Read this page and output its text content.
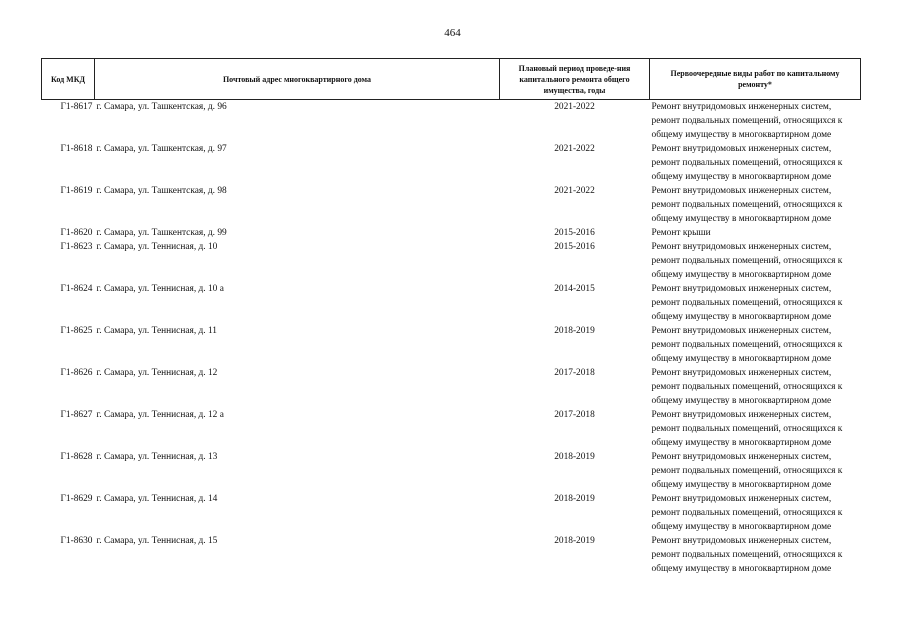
464
Код МКД	Почтовый адрес многоквартирного дома	Плановый период проведе-ния капитального ремонта общего имущества, годы	Первоочередные виды работ по капитальному ремонту*
Г1-8617	г. Самара, ул. Ташкентская, д. 96	2021-2022	Ремонт внутридомовых инженерных систем, ремонт подвальных помещений, относящихся к общему имуществу в многоквартирном доме
Г1-8618	г. Самара, ул. Ташкентская, д. 97	2021-2022	Ремонт внутридомовых инженерных систем, ремонт подвальных помещений, относящихся к общему имуществу в многоквартирном доме
Г1-8619	г. Самара, ул. Ташкентская, д. 98	2021-2022	Ремонт внутридомовых инженерных систем, ремонт подвальных помещений, относящихся к общему имуществу в многоквартирном доме
Г1-8620	г. Самара, ул. Ташкентская, д. 99	2015-2016	Ремонт крыши
Г1-8623	г. Самара, ул. Теннисная, д. 10	2015-2016	Ремонт внутридомовых инженерных систем, ремонт подвальных помещений, относящихся к общему имуществу в многоквартирном доме
Г1-8624	г. Самара, ул. Теннисная, д. 10 а	2014-2015	Ремонт внутридомовых инженерных систем, ремонт подвальных помещений, относящихся к общему имуществу в многоквартирном доме
Г1-8625	г. Самара, ул. Теннисная, д. 11	2018-2019	Ремонт внутридомовых инженерных систем, ремонт подвальных помещений, относящихся к общему имуществу в многоквартирном доме
Г1-8626	г. Самара, ул. Теннисная, д. 12	2017-2018	Ремонт внутридомовых инженерных систем, ремонт подвальных помещений, относящихся к общему имуществу в многоквартирном доме
Г1-8627	г. Самара, ул. Теннисная, д. 12 а	2017-2018	Ремонт внутридомовых инженерных систем, ремонт подвальных помещений, относящихся к общему имуществу в многоквартирном доме
Г1-8628	г. Самара, ул. Теннисная, д. 13	2018-2019	Ремонт внутридомовых инженерных систем, ремонт подвальных помещений, относящихся к общему имуществу в многоквартирном доме
Г1-8629	г. Самара, ул. Теннисная, д. 14	2018-2019	Ремонт внутридомовых инженерных систем, ремонт подвальных помещений, относящихся к общему имуществу в многоквартирном доме
Г1-8630	г. Самара, ул. Теннисная, д. 15	2018-2019	Ремонт внутридомовых инженерных систем, ремонт подвальных помещений, относящихся к общему имуществу в многоквартирном доме
